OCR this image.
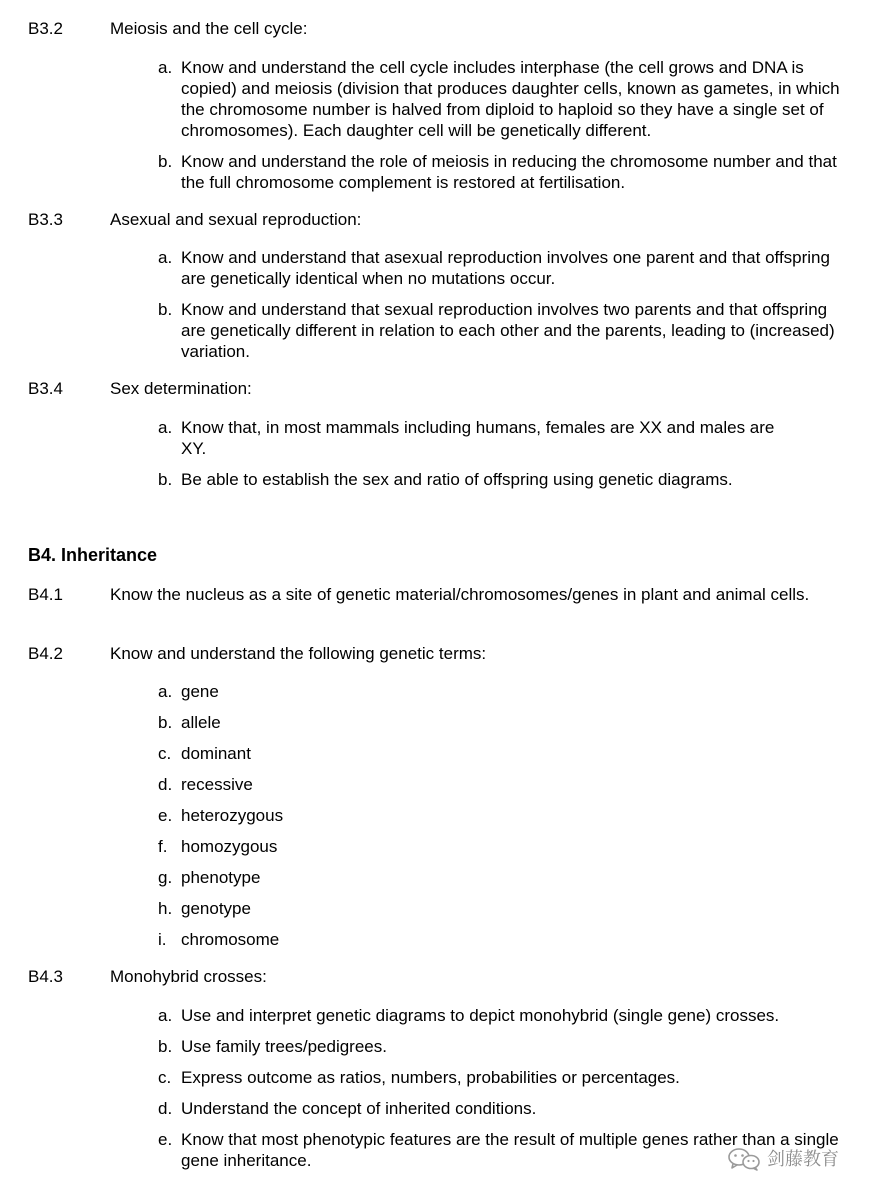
B3.2	Meiosis and the cell cycle:
a. Know and understand the cell cycle includes interphase (the cell grows and DNA is copied) and meiosis (division that produces daughter cells, known as gametes, in which the chromosome number is halved from diploid to haploid so they have a single set of chromosomes). Each daughter cell will be genetically different.
b. Know and understand the role of meiosis in reducing the chromosome number and that the full chromosome complement is restored at fertilisation.
B3.3	Asexual and sexual reproduction:
a. Know and understand that asexual reproduction involves one parent and that offspring are genetically identical when no mutations occur.
b. Know and understand that sexual reproduction involves two parents and that offspring are genetically different in relation to each other and the parents, leading to (increased) variation.
B3.4	Sex determination:
a. Know that, in most mammals including humans, females are XX and males are XY.
b. Be able to establish the sex and ratio of offspring using genetic diagrams.
B4. Inheritance
B4.1	Know the nucleus as a site of genetic material/chromosomes/genes in plant and animal cells.
B4.2	Know and understand the following genetic terms:
a. gene
b. allele
c. dominant
d. recessive
e. heterozygous
f. homozygous
g. phenotype
h. genotype
i. chromosome
B4.3	Monohybrid crosses:
a. Use and interpret genetic diagrams to depict monohybrid (single gene) crosses.
b. Use family trees/pedigrees.
c. Express outcome as ratios, numbers, probabilities or percentages.
d. Understand the concept of inherited conditions.
e. Know that most phenotypic features are the result of multiple genes rather than a single gene inheritance.	剑藤教育
